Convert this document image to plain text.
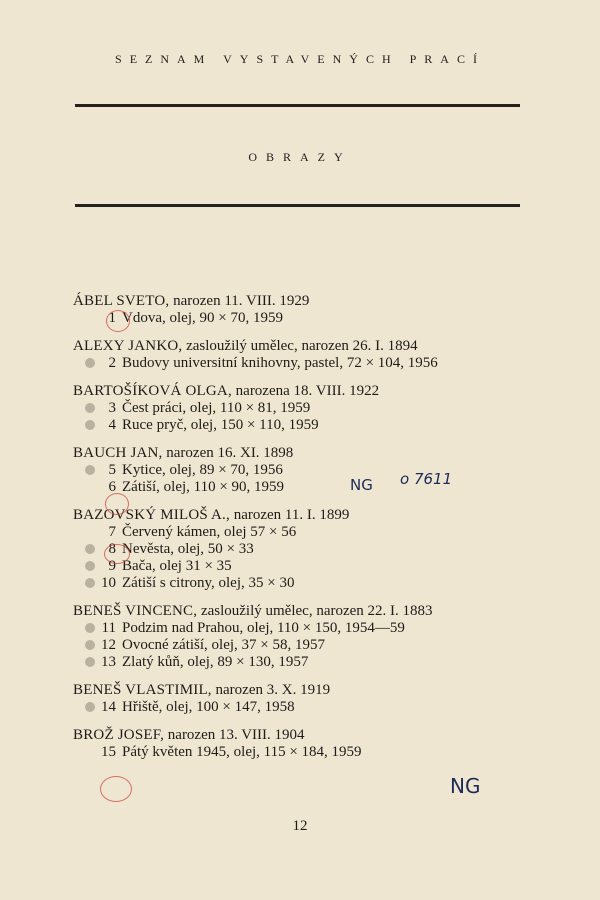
SEZNAM VYSTAVENÝCH PRACÍ
OBRAZY
ÁBEL SVETO, narozen 11. VIII. 1929
1 Vdova, olej, 90 × 70, 1959
ALEXY JANKO, zasloužilý umělec, narozen 26. I. 1894
2 Budovy universitní knihovny, pastel, 72 × 104, 1956
BARTOŠÍKOVÁ OLGA, narozena 18. VIII. 1922
3 Čest práci, olej, 110 × 81, 1959
4 Ruce pryč, olej, 150 × 110, 1959
BAUCH JAN, narozen 16. XI. 1898
5 Kytice, olej, 89 × 70, 1956
6 Zátiší, olej, 110 × 90, 1959
BAZOVSKÝ MILOŠ A., narozen 11. I. 1899
7 Červený kámen, olej 57 × 56
8 Nevěsta, olej, 50 × 33
9 Bača, olej 31 × 35
10 Zátiší s citrony, olej, 35 × 30
BENEŠ VINCENC, zasloužilý umělec, narozen 22. I. 1883
11 Podzim nad Prahou, olej, 110 × 150, 1954—59
12 Ovocné zátiší, olej, 37 × 58, 1957
13 Zlatý kůň, olej, 89 × 130, 1957
BENEŠ VLASTIMIL, narozen 3. X. 1919
14 Hřiště, olej, 100 × 147, 1958
BROŽ JOSEF, narozen 13. VIII. 1904
15 Pátý květen 1945, olej, 115 × 184, 1959
NG o 7611
NG
12
